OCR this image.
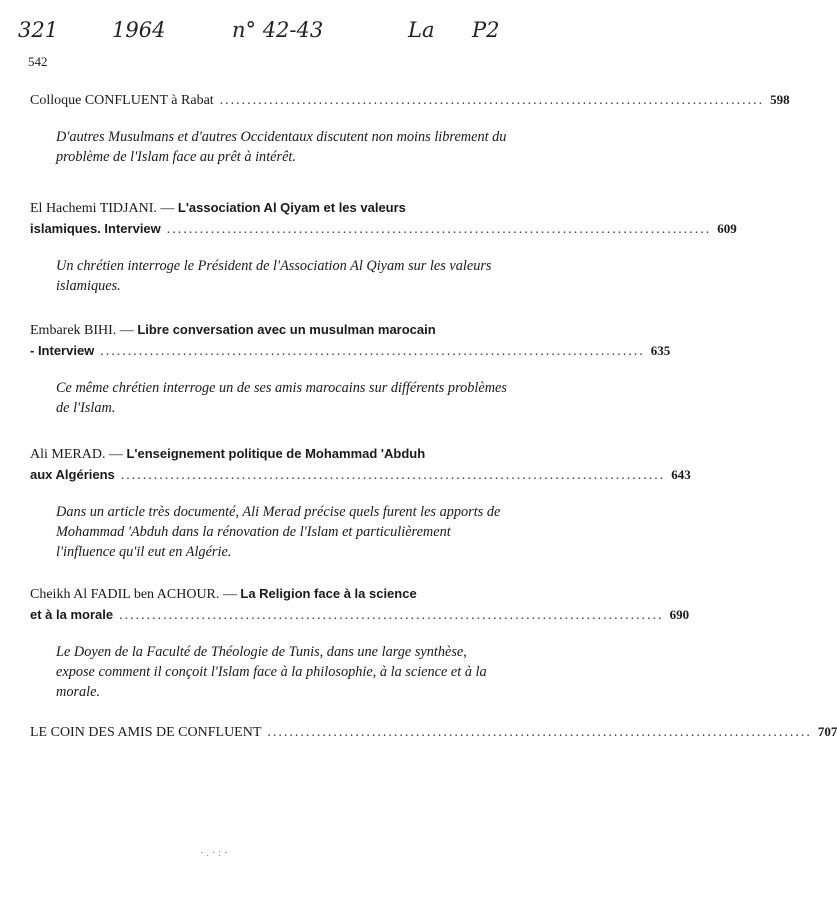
321	1964	n° 42-43	La P2
542
Colloque CONFLUENT à Rabat ................................................................................................... 598
D'autres Musulmans et d'autres Occidentaux discutent non moins librement du problème de l'Islam face au prêt à intérêt.
El Hachemi TIDJANI. — L'association Al Qiyam et les valeurs
islamiques. Interview ................................................................................................... 609
Un chrétien interroge le Président de l'Association Al Qiyam sur les valeurs islamiques.
Embarek BIHI. — Libre conversation avec un musulman marocain
- Interview ................................................................................................... 635
Ce même chrétien interroge un de ses amis marocains sur différents problèmes de l'Islam.
Ali MERAD. — L'enseignement politique de Mohammad 'Abduh
aux Algériens ................................................................................................... 643
Dans un article très documenté, Ali Merad précise quels furent les apports de Mohammad 'Abduh dans la rénovation de l'Islam et particulièrement l'influence qu'il eut en Algérie.
Cheikh Al FADIL ben ACHOUR. — La Religion face à la science
et à la morale ................................................................................................... 690
Le Doyen de la Faculté de Théologie de Tunis, dans une large synthèse, expose comment il conçoit l'Islam face à la philosophie, à la science et à la morale.
LE COIN DES AMIS DE CONFLUENT ................................................................................................... 707
·.·:·
